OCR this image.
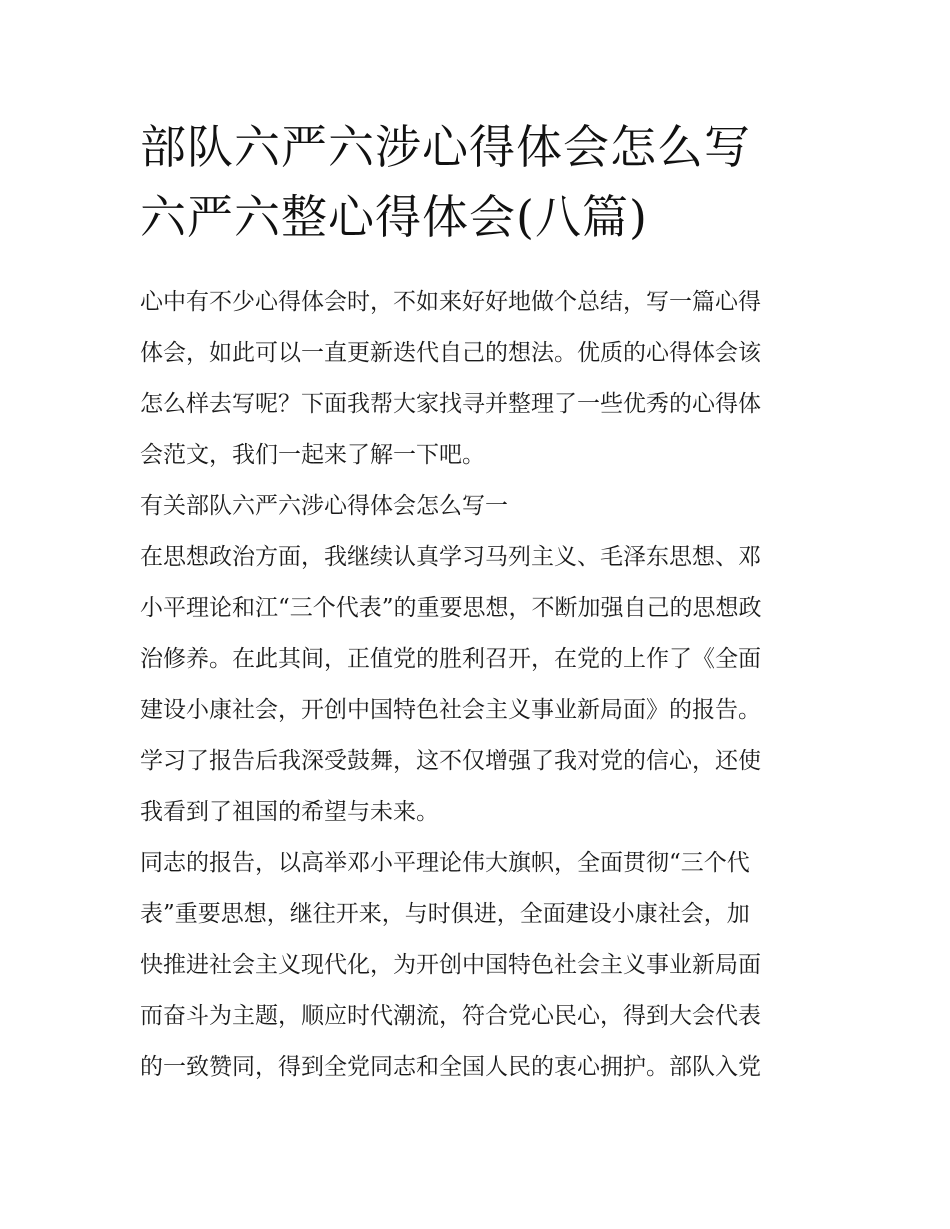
部队六严六涉心得体会怎么写
六严六整心得体会(八篇)
心中有不少心得体会时，不如来好好地做个总结，写一篇心得
体会，如此可以一直更新迭代自己的想法。优质的心得体会该
怎么样去写呢？下面我帮大家找寻并整理了一些优秀的心得体
会范文，我们一起来了解一下吧。
有关部队六严六涉心得体会怎么写一
在思想政治方面，我继续认真学习马列主义、毛泽东思想、邓
小平理论和江“三个代表”的重要思想，不断加强自己的思想政
治修养。在此其间，正值党的胜利召开，在党的上作了《全面
建设小康社会，开创中国特色社会主义事业新局面》的报告。
学习了报告后我深受鼓舞，这不仅增强了我对党的信心，还使
我看到了祖国的希望与未来。
同志的报告，以高举邓小平理论伟大旗帜，全面贯彻“三个代
表”重要思想，继往开来，与时俱进，全面建设小康社会，加
快推进社会主义现代化，为开创中国特色社会主义事业新局面
而奋斗为主题，顺应时代潮流，符合党心民心，得到大会代表
的一致赞同，得到全党同志和全国人民的衷心拥护。部队入党
